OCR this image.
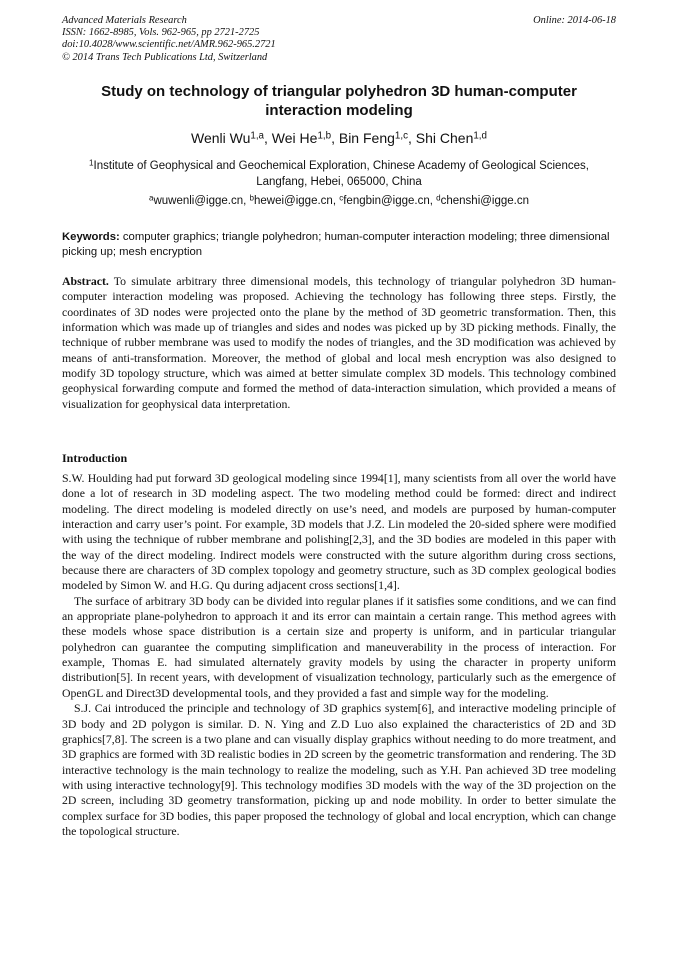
Advanced Materials Research
ISSN: 1662-8985, Vols. 962-965, pp 2721-2725
doi:10.4028/www.scientific.net/AMR.962-965.2721
© 2014 Trans Tech Publications Ltd, Switzerland
Online: 2014-06-18
Study on technology of triangular polyhedron 3D human-computer
interaction modeling
Wenli Wu$^{1,a}$, Wei He$^{1,b}$, Bin Feng$^{1,c}$, Shi Chen$^{1,d}$
$^1$Institute of Geophysical and Geochemical Exploration, Chinese Academy of Geological Sciences,
Langfang, Hebei, 065000, China
$^a$wuwenli@igge.cn, $^b$hewei@igge.cn, $^c$fengbin@igge.cn, $^d$chenshi@igge.cn
Keywords: computer graphics; triangle polyhedron; human-computer interaction modeling; three dimensional picking up; mesh encryption
Abstract. To simulate arbitrary three dimensional models, this technology of triangular polyhedron 3D human-computer interaction modeling was proposed. Achieving the technology has following three steps. Firstly, the coordinates of 3D nodes were projected onto the plane by the method of 3D geometric transformation. Then, this information which was made up of triangles and sides and nodes was picked up by 3D picking methods. Finally, the technique of rubber membrane was used to modify the nodes of triangles, and the 3D modification was achieved by means of anti-transformation. Moreover, the method of global and local mesh encryption was also designed to modify 3D topology structure, which was aimed at better simulate complex 3D models. This technology combined geophysical forwarding compute and formed the method of data-interaction simulation, which provided a means of visualization for geophysical data interpretation.
Introduction

S.W. Houlding had put forward 3D geological modeling since 1994[1], many scientists from all over the world have done a lot of research in 3D modeling aspect. The two modeling method could be formed: direct and indirect modeling. The direct modeling is modeled directly on use’s need, and models are purposed by human-computer interaction and carry user’s point. For example, 3D models that J.Z. Lin modeled the 20-sided sphere were modified with using the technique of rubber membrane and polishing[2,3], and the 3D bodies are modeled in this paper with the way of the direct modeling. Indirect models were constructed with the suture algorithm during cross sections, because there are characters of 3D complex topology and geometry structure, such as 3D complex geological bodies modeled by Simon W. and H.G. Qu during adjacent cross sections[1,4].

The surface of arbitrary 3D body can be divided into regular planes if it satisfies some conditions, and we can find an appropriate plane-polyhedron to approach it and its error can maintain a certain range. This method agrees with these models whose space distribution is a certain size and property is uniform, and in particular triangular polyhedron can guarantee the computing simplification and maneuverability in the process of interaction. For example, Thomas E. had simulated alternately gravity models by using the character in property uniform distribution[5]. In recent years, with development of visualization technology, particularly such as the emergence of OpenGL and Direct3D developmental tools, and they provided a fast and simple way for the modeling.

S.J. Cai introduced the principle and technology of 3D graphics system[6], and interactive modeling principle of 3D body and 2D polygon is similar. D. N. Ying and Z.D Luo also explained the characteristics of 2D and 3D graphics[7,8]. The screen is a two plane and can visually display graphics without needing to do more treatment, and 3D graphics are formed with 3D realistic bodies in 2D screen by the geometric transformation and rendering. The 3D interactive technology is the main technology to realize the modeling, such as Y.H. Pan achieved 3D tree modeling with using interactive technology[9]. This technology modifies 3D models with the way of the 3D projection on the 2D screen, including 3D geometry transformation, picking up and node mobility. In order to better simulate the complex surface for 3D bodies, this paper proposed the technology of global and local encryption, which can change the topological structure.
